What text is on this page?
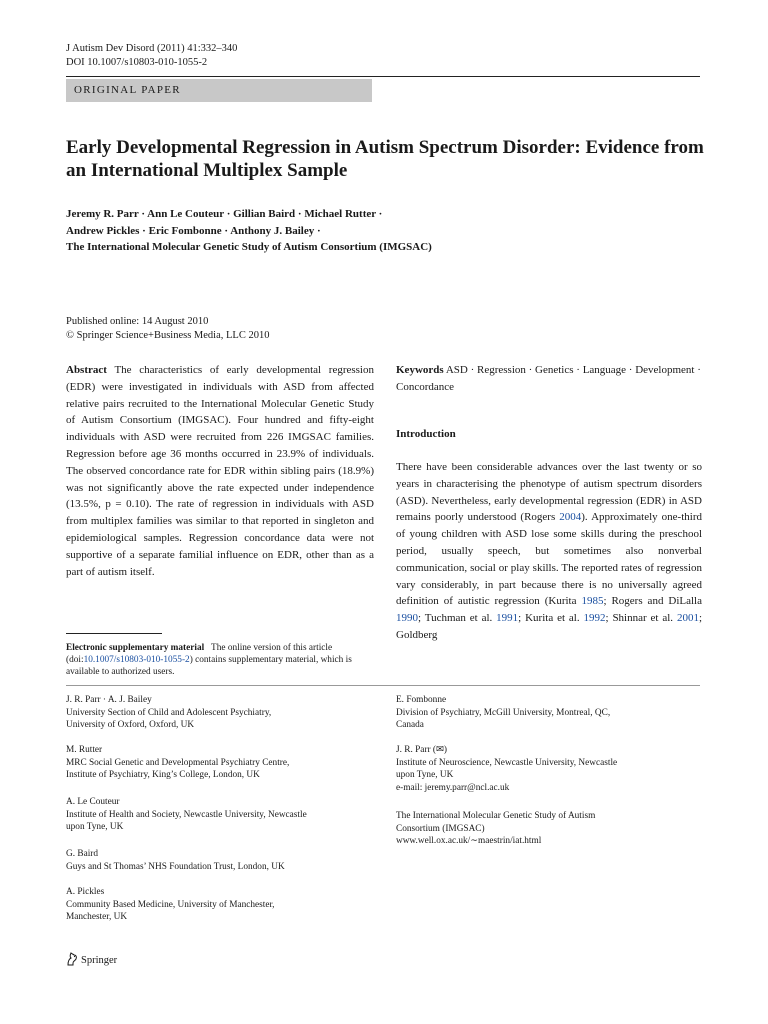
J Autism Dev Disord (2011) 41:332–340
DOI 10.1007/s10803-010-1055-2
ORIGINAL PAPER
Early Developmental Regression in Autism Spectrum Disorder: Evidence from an International Multiplex Sample
Jeremy R. Parr · Ann Le Couteur · Gillian Baird · Michael Rutter ·
Andrew Pickles · Eric Fombonne · Anthony J. Bailey ·
The International Molecular Genetic Study of Autism Consortium (IMGSAC)
Published online: 14 August 2010
© Springer Science+Business Media, LLC 2010
Abstract The characteristics of early developmental regression (EDR) were investigated in individuals with ASD from affected relative pairs recruited to the International Molecular Genetic Study of Autism Consortium (IMGSAC). Four hundred and fifty-eight individuals with ASD were recruited from 226 IMGSAC families. Regression before age 36 months occurred in 23.9% of individuals. The observed concordance rate for EDR within sibling pairs (18.9%) was not significantly above the rate expected under independence (13.5%, p = 0.10). The rate of regression in individuals with ASD from multiplex families was similar to that reported in singleton and epidemiological samples. Regression concordance data were not supportive of a separate familial influence on EDR, other than as a part of autism itself.
Keywords ASD · Regression · Genetics · Language · Development · Concordance
Introduction
There have been considerable advances over the last twenty or so years in characterising the phenotype of autism spectrum disorders (ASD). Nevertheless, early developmental regression (EDR) in ASD remains poorly understood (Rogers 2004). Approximately one-third of young children with ASD lose some skills during the preschool period, usually speech, but sometimes also nonverbal communication, social or play skills. The reported rates of regression vary considerably, in part because there is no universally agreed definition of autistic regression (Kurita 1985; Rogers and DiLalla 1990; Tuchman et al. 1991; Kurita et al. 1992; Shinnar et al. 2001; Goldberg
Electronic supplementary material The online version of this article (doi:10.1007/s10803-010-1055-2) contains supplementary material, which is available to authorized users.
J. R. Parr · A. J. Bailey
University Section of Child and Adolescent Psychiatry,
University of Oxford, Oxford, UK
M. Rutter
MRC Social Genetic and Developmental Psychiatry Centre,
Institute of Psychiatry, King’s College, London, UK
A. Le Couteur
Institute of Health and Society, Newcastle University, Newcastle
upon Tyne, UK
G. Baird
Guys and St Thomas’ NHS Foundation Trust, London, UK
A. Pickles
Community Based Medicine, University of Manchester,
Manchester, UK
E. Fombonne
Division of Psychiatry, McGill University, Montreal, QC,
Canada
J. R. Parr (✉)
Institute of Neuroscience, Newcastle University, Newcastle
upon Tyne, UK
e-mail: jeremy.parr@ncl.ac.uk
The International Molecular Genetic Study of Autism
Consortium (IMGSAC)
www.well.ox.ac.uk/∼maestrin/iat.html
Springer
